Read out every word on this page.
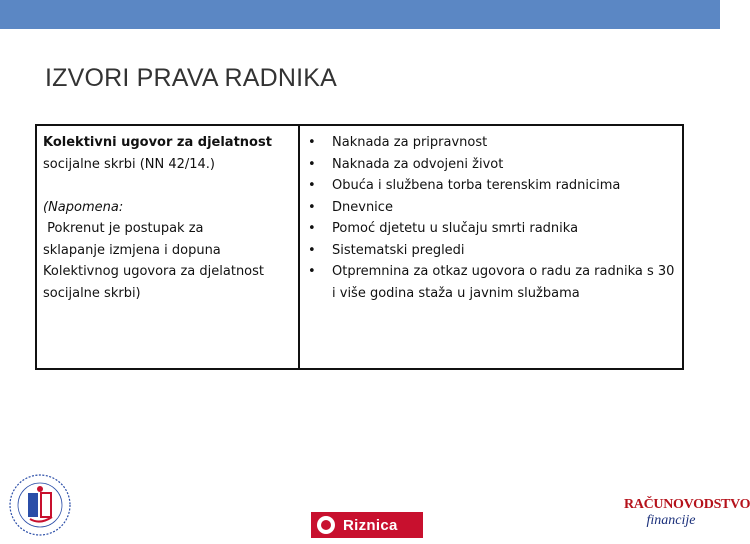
IZVORI PRAVA RADNIKA
Kolektivni ugovor za djelatnost
socijalne skrbi (NN 42/14.)
(Napomena:
Pokrenut je postupak za
sklapanje izmjena i dopuna
Kolektivnog ugovora za djelatnost
socijalne skrbi)
•	Naknada za pripravnost
•	Naknada za odvojeni život
•	Obuća i službena torba terenskim radnicima
•	Dnevnice
•	Pomoć djetetu u slučaju smrti radnika
•	Sistematski pregledi
•	Otpremnina za otkaz ugovora o radu za radnika s 30 i više godina staža u javnim službama
Riznica
RAČUNOVODSTVO
financije
